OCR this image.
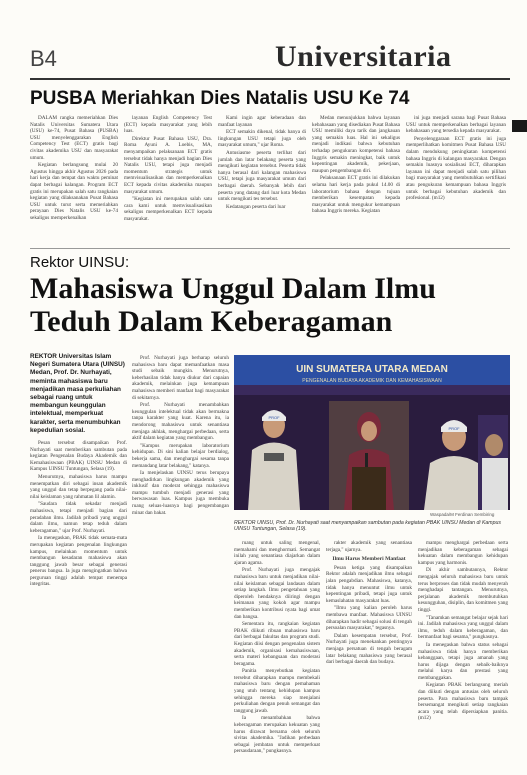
B4	Universitaria
PUSBA Meriahkan Dies Natalis USU Ke 74

DALAM rangka memeriahkan Dies Natalis Universitas Sumatera Utara (USU) ke-74, Pusat Bahasa (PUSBA) USU menyelenggarakan English Competency Test (ECT) gratis bagi civitas akademika USU dan masyarakat umum.

Kegiatan berlangsung mulai 20 Agustus hingga akhir Agustus 2026 pada hari kerja dan tempat dan waktu peminat dapat berbagai kalangan. Program ECT gratis ini merupakan salah satu rangkaian kegiatan yang dilaksanakan Pusat Bahasa USU untuk turut serta memeriahkan perayaan Dies Natalis USU ke-74 sekaligus memperkenalkan

layanan English Competency Test (ECT) kepada masyarakat yang lebih luas.

Direktur Pusat Bahasa USU, Dra. Roma Ayuni A. Loebis, MA, menyampaikan pelaksanaan ECT gratis tersebut tidak hanya menjadi bagian Dies Natalis USU, tetapi juga menjadi momentum strategis untuk memvisualisasikan dan memperkenalkan ECT kepada civitas akademika maupun masyarakat umum.

"Kegiatan ini merupakan salah satu cara kami untuk memvisualisasikan sekaligus memperkenalkan ECT kepada masyarakat.

Kami ingin agar keberadaan dan manfaat layanan

ECT semakin dikenal, tidak hanya di lingkungan USU tetapi juga oleh masyarakat umum," ujar Roma.

Antusiasme peserta terlihat dari jumlah dan latar belakang peserta yang mengikuti kegiatan tersebut. Peserta tidak hanya berasal dari kalangan mahasiswa USU, tetapi juga masyarakat umum dari berbagai daerah. Sebanyak lebih dari peserta yang datang dari luar kota Medan untuk mengikuti tes tersebut.

Kedatangan peserta dari luar

Medan menunjukkan bahwa layanan kebahasaan yang disediakan Pusat Bahasa USU memiliki daya tarik dan jangkauan yang semakin luas. Hal ini sekaligus menjadi indikasi bahwa kebutuhan terhadap pengukuran kompetensi bahasa Inggris semakin meningkat, baik untuk kepentingan akademik, pekerjaan, maupun pengembangan diri.

Pelaksanaan ECT gratis ini dilakukan selama hari kerja pada pukul 14.00 di laboratorium bahasa dengan tujuan memberikan kesempatan kepada masyarakat untuk mengukur kemampuan bahasa Inggris mereka. Kegiatan

ini juga menjadi sarana bagi Pusat Bahasa USU untuk memperkenalkan berbagai layanan kebahasaan yang tersedia kepada masyarakat.

Penyelenggaraan ECT gratis ini juga memperlihatkan komitmen Pusat Bahasa USU dalam mendukung peningkatan kompetensi bahasa Inggris di kalangan masyarakat. Dengan semakin luasnya sosialisasi ECT, diharapkan layanan ini dapat menjadi salah satu pilihan bagi masyarakat yang membutuhkan sertifikasi atau pengukuran kemampuan bahasa Inggris untuk berbagai kebutuhan akademik dan profesional. (m12)

Rektor UINSU:
Mahasiswa Unggul Dalam Ilmu
Teduh Dalam Keberagaman
REKTOR Universitas Islam Negeri Sumatera Utara (UINSU) Medan, Prof. Dr. Nurhayati, meminta mahasiswa baru menjadikan masa perkuliahan sebagai ruang untuk membangun keunggulan intelektual, memperkuat karakter, serta menumbuhkan kepedulian sosial.

Pesan tersebut disampaikan Prof. Nurhayati saat memberikan sambutan pada kegiatan Pengenalan Budaya Akademik dan Kemahasiswaan (PBAK) UINSU Medan di Kampus UINSU Tuntungan, Selasa (19).

Menurutnya, mahasiswa harus mampu menempatkan diri sebagai insan akademik yang unggul dan tetap berpegang pada nilai-nilai keislaman yang rahmatan lil alamin.

"Saudara tidak sekadar menjadi mahasiswa, tetapi menjadi bagian dari peradaban ilmu. Jadilah pribadi yang unggul dalam ilmu, namun tetap teduh dalam keberagaman," ujar Prof. Nurhayati.

Ia menegaskan, PBAK tidak semata-mata merupakan kegiatan pengenalan lingkungan kampus, melainkan momentum untuk membangun kesadaran mahasiswa akan tanggung jawab besar sebagai generasi penerus bangsa. Ia juga mengingatkan bahwa perguruan tinggi adalah tempat menempa integritas.

Prof. Nurhayati juga berharap seluruh mahasiswa baru dapat memanfaatkan masa studi sebaik mungkin. Menurutnya, keberhasilan tidak hanya diukur dari capaian akademik, melainkan juga kemampuan mahasiswa memberi manfaat bagi masyarakat di sekitarnya.

Prof. Nurhayati menambahkan keunggulan intelektual tidak akan bermakna tanpa karakter yang kuat. Karena itu, ia mendorong mahasiswa untuk senantiasa menjaga akhlak, menghargai perbedaan, serta aktif dalam kegiatan yang membangun.

"Kampus merupakan laboratorium kehidupan. Di sini kalian belajar berdialog, bekerja sama, dan menghargai sesama tanpa memandang latar belakang," katanya.

Ia menjelaskan UINSU terus berupaya menghadirkan lingkungan akademik yang inklusif dan moderat sehingga mahasiswa mampu tumbuh menjadi generasi yang berwawasan luas. Kampus juga membuka ruang seluas-luasnya bagi pengembangan minat dan bakat.

UIN SUMATERA UTARA MEDAN
PENGENALAN BUDAYA AKADEMIK DAN KEMAHASISWAAN
PROF
PROF
Waspada/M Ferdinan Sembiring
REKTOR UINSU, Prof. Dr. Nurhayati saat menyampaikan sambutan pada kegiatan PBAK UINSU Medan di Kampus UINSU Tuntungan, Selasa (19).

ruang untuk saling mengenal, memahami dan menghormati. Semangat inilah yang senantiasa diajarkan dalam ajaran agama.

Prof. Nurhayati juga mengajak mahasiswa baru untuk menjadikan nilai-nilai keislaman sebagai landasan dalam setiap langkah. Ilmu pengetahuan yang diperoleh hendaknya diiringi dengan keimanan yang kokoh agar mampu memberikan kontribusi nyata bagi umat dan bangsa.

Sementara itu, rangkaian kegiatan PBAK diikuti ribuan mahasiswa baru dari berbagai fakultas dan program studi. Kegiatan diisi dengan pengenalan sistem akademik, organisasi kemahasiswaan, serta materi kebangsaan dan moderasi beragama.

Panitia menyebutkan kegiatan tersebut diharapkan mampu membekali mahasiswa baru dengan pemahaman yang utuh tentang kehidupan kampus sehingga mereka siap menjalani perkuliahan dengan penuh semangat dan tanggung jawab.

Ia menambahkan bahwa keberagaman merupakan kekuatan yang harus dirawat bersama oleh seluruh sivitas akademika. "Jadikan perbedaan sebagai jembatan untuk memperkuat persaudaraan," pungkasnya.

rakter akademik yang senantiasa terjaga," ujarnya.

Ilmu Harus Memberi Manfaat

Pesan ketiga yang disampaikan Rektor adalah menjadikan ilmu sebagai jalan pengabdian. Mahasiswa, katanya, tidak hanya menuntut ilmu untuk kepentingan pribadi, tetapi juga untuk kemaslahatan masyarakat luas.

"Ilmu yang kalian peroleh harus membawa manfaat. Mahasiswa UINSU diharapkan hadir sebagai solusi di tengah persoalan masyarakat," tegasnya.

Dalam kesempatan tersebut, Prof. Nurhayati juga menekankan pentingnya menjaga persatuan di tengah beragam latar belakang mahasiswa yang berasal dari berbagai daerah dan budaya.

mampu menghargai perbedaan serta menjadikan keberagaman sebagai kekuatan dalam membangun kehidupan kampus yang harmonis.

Di akhir sambutannya, Rektor mengajak seluruh mahasiswa baru untuk terus berproses dan tidak mudah menyerah menghadapi tantangan. Menurutnya, perjalanan akademik membutuhkan kesungguhan, disiplin, dan komitmen yang tinggi.

"Tanamkan semangat belajar sejak hari ini. Jadilah mahasiswa yang unggul dalam ilmu, teduh dalam keberagaman, dan bermanfaat bagi sesama," pungkasnya.

Ia menegaskan bahwa status sebagai mahasiswa tidak hanya memberikan kebanggaan, tetapi juga amanah yang harus dijaga dengan sebaik-baiknya melalui karya dan prestasi yang membanggakan.

Kegiatan PBAK berlangsung meriah dan diikuti dengan antusias oleh seluruh peserta. Para mahasiswa baru tampak bersemangat mengikuti setiap rangkaian acara yang telah dipersiapkan panitia. (m12)
